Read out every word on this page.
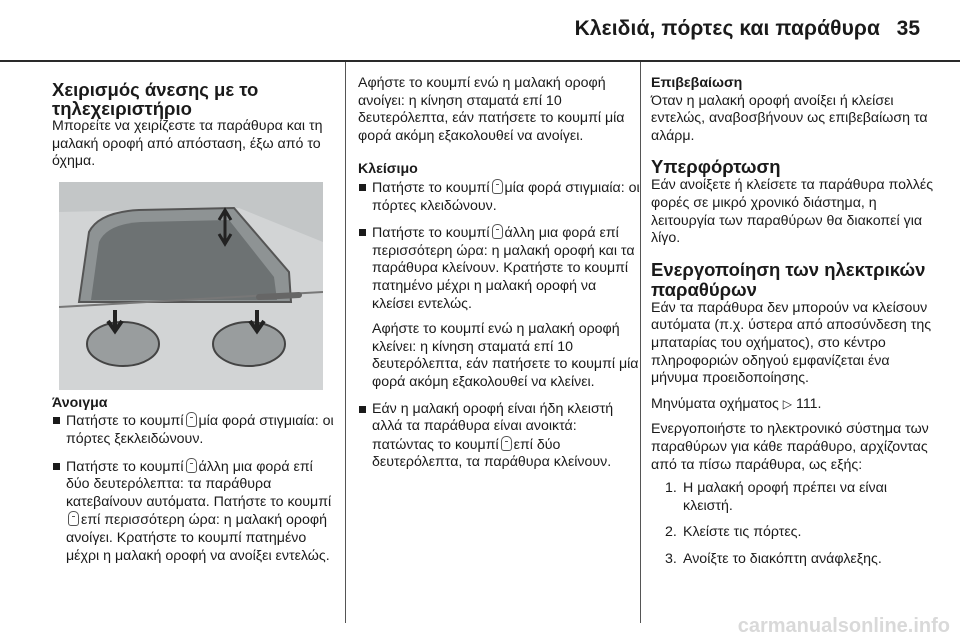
Κλειδιά, πόρτες και παράθυρα 35
Χειρισμός άνεσης με το τηλεχειριστήριο

Μπορείτε να χειρίζεστε τα παράθυρα και τη μαλακή οροφή από απόσταση, έξω από το όχημα.

Άνοιγμα
Πατήστε το κουμπί μία φορά στιγμιαία: οι πόρτες ξεκλειδώνουν.
Πατήστε το κουμπί άλλη μια φορά επί δύο δευτερόλεπτα: τα παράθυρα κατεβαίνουν αυτόματα. Πατήστε το κουμπίεπί περισσότερη ώρα: η μαλακή οροφή ανοίγει. Κρατήστε το κουμπί πατημένο μέχρι η μαλακή οροφή να ανοίξει εντελώς.

Αφήστε το κουμπί ενώ η μαλακή οροφή ανοίγει: η κίνηση σταματά επί 10 δευτερόλεπτα, εάν πατήσετε το κουμπί μία φορά ακόμη εξακολουθεί να ανοίγει.

Κλείσιμο
Πατήστε το κουμπί μία φορά στιγμιαία: οι πόρτες κλειδώνουν.
Πατήστε το κουμπί άλλη μια φορά επί περισσότερη ώρα: η μαλακή οροφή και τα παράθυρα κλείνουν. Κρατήστε το κουμπί πατημένο μέχρι η μαλακή οροφή να κλείσει εντελώς.

Αφήστε το κουμπί ενώ η μαλακή οροφή κλείνει: η κίνηση σταματά επί 10 δευτερόλεπτα, εάν πατήσετε το κουμπί μία φορά ακόμη εξακολουθεί να κλείνει.

Εάν η μαλακή οροφή είναι ήδη κλειστή αλλά τα παράθυρα είναι ανοικτά: πατώντας το κουμπί επί δύο δευτερόλεπτα, τα παράθυρα κλείνουν.
Επιβεβαίωση

Όταν η μαλακή οροφή ανοίξει ή κλείσει εντελώς, αναβοσβήνουν ως επιβεβαίωση τα αλάρμ.

Υπερφόρτωση

Εάν ανοίξετε ή κλείσετε τα παράθυρα πολλές φορές σε μικρό χρονικό διάστημα, η λειτουργία των παραθύρων θα διακοπεί για λίγο.

Ενεργοποίηση των ηλεκτρικών παραθύρων

Εάν τα παράθυρα δεν μπορούν να κλείσουν αυτόματα (π.χ. ύστερα από αποσύνδεση της μπαταρίας του οχήματος), στο κέντρο πληροφοριών οδηγού εμφανίζεται ένα μήνυμα προειδοποίησης.

Μηνύματα οχήματος ▷ 111.

Ενεργοποιήστε το ηλεκτρονικό σύστημα των παραθύρων για κάθε παράθυρο, αρχίζοντας από τα πίσω παράθυρα, ως εξής:

1. Η μαλακή οροφή πρέπει να είναι κλειστή.
2. Κλείστε τις πόρτες.
3. Ανοίξτε το διακόπτη ανάφλεξης.
carmanualsonline.info
